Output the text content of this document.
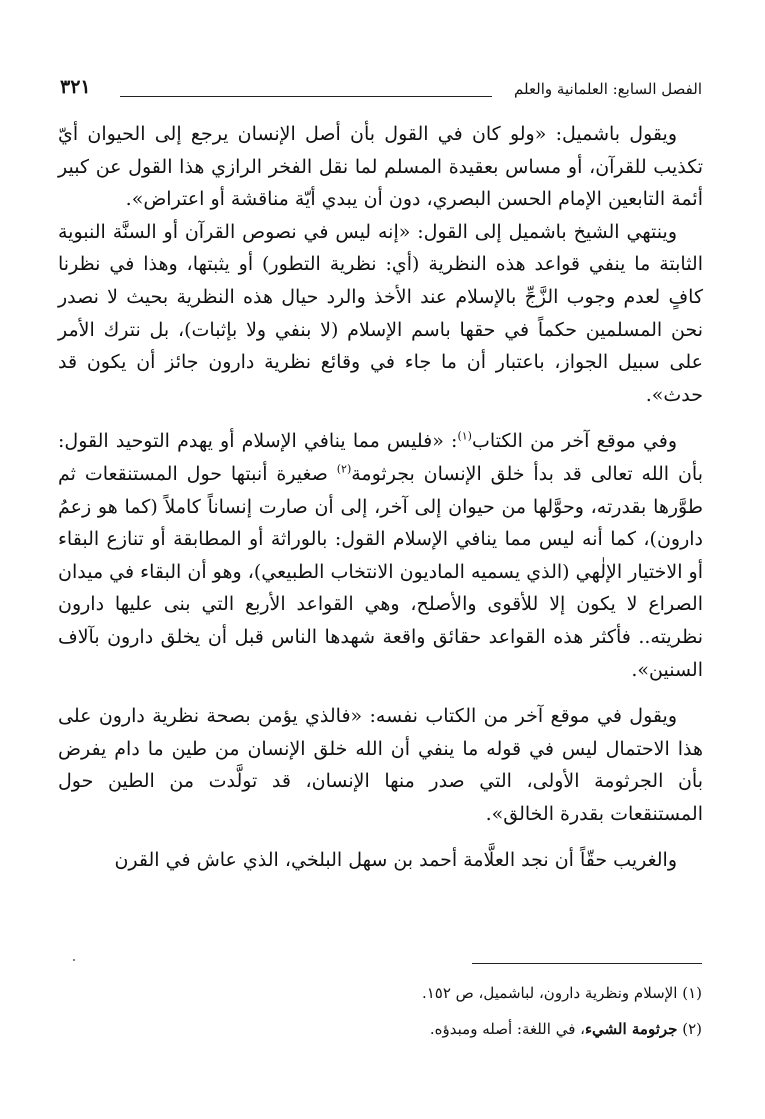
الفصل السابع: العلمانية والعلم
٣٢١

ويقول باشميل: «ولو كان في القول بأن أصل الإنسان يرجع إلى الحيوان أيّ تكذيب للقرآن، أو مساس بعقيدة المسلم لما نقل الفخر الرازي هذا القول عن كبير أئمة التابعين الإمام الحسن البصري، دون أن يبدي أيّة مناقشة أو اعتراض».

وينتهي الشيخ باشميل إلى القول: «إنه ليس في نصوص القرآن أو السنَّة النبوية الثابتة ما ينفي قواعد هذه النظرية (أي: نظرية التطور) أو يثبتها، وهذا في نظرنا كافٍ لعدم وجوب الزَّجِّ بالإسلام عند الأخذ والرد حيال هذه النظرية بحيث لا نصدر نحن المسلمين حكماً في حقها باسم الإسلام (لا بنفي ولا بإثبات)، بل نترك الأمر على سبيل الجواز، باعتبار أن ما جاء في وقائع نظرية دارون جائز أن يكون قد حدث».

وفي موقع آخر من الكتاب$^{(١)}$: «فليس مما ينافي الإسلام أو يهدم التوحيد القول: بأن الله تعالى قد بدأ خلق الإنسان بجرثومة$^{(٢)}$ صغيرة أنبتها حول المستنقعات ثم طوَّرها بقدرته، وحوَّلها من حيوان إلى آخر، إلى أن صارت إنساناً كاملاً (كما هو زعمُ دارون)، كما أنه ليس مما ينافي الإسلام القول: بالوراثة أو المطابقة أو تنازع البقاء أو الاختيار الإلٰهي (الذي يسميه الماديون الانتخاب الطبيعي)، وهو أن البقاء في ميدان الصراع لا يكون إلا للأقوى والأصلح، وهي القواعد الأربع التي بنى عليها دارون نظريته.. فأكثر هذه القواعد حقائق واقعة شهدها الناس قبل أن يخلق دارون بآلاف السنين».

ويقول في موقع آخر من الكتاب نفسه: «فالذي يؤمن بصحة نظرية دارون على هذا الاحتمال ليس في قوله ما ينفي أن الله خلق الإنسان من طين ما دام يفرض بأن الجرثومة الأولى، التي صدر منها الإنسان، قد تولَّدت من الطين حول المستنقعات بقدرة الخالق».

والغريب حقّاً أن نجد العلَّامة أحمد بن سهل البلخي، الذي عاش في القرن

(١) الإسلام ونظرية دارون، لباشميل، ص ١٥٢.

(٢) جرثومة الشيء، في اللغة: أصله ومبدؤه.
